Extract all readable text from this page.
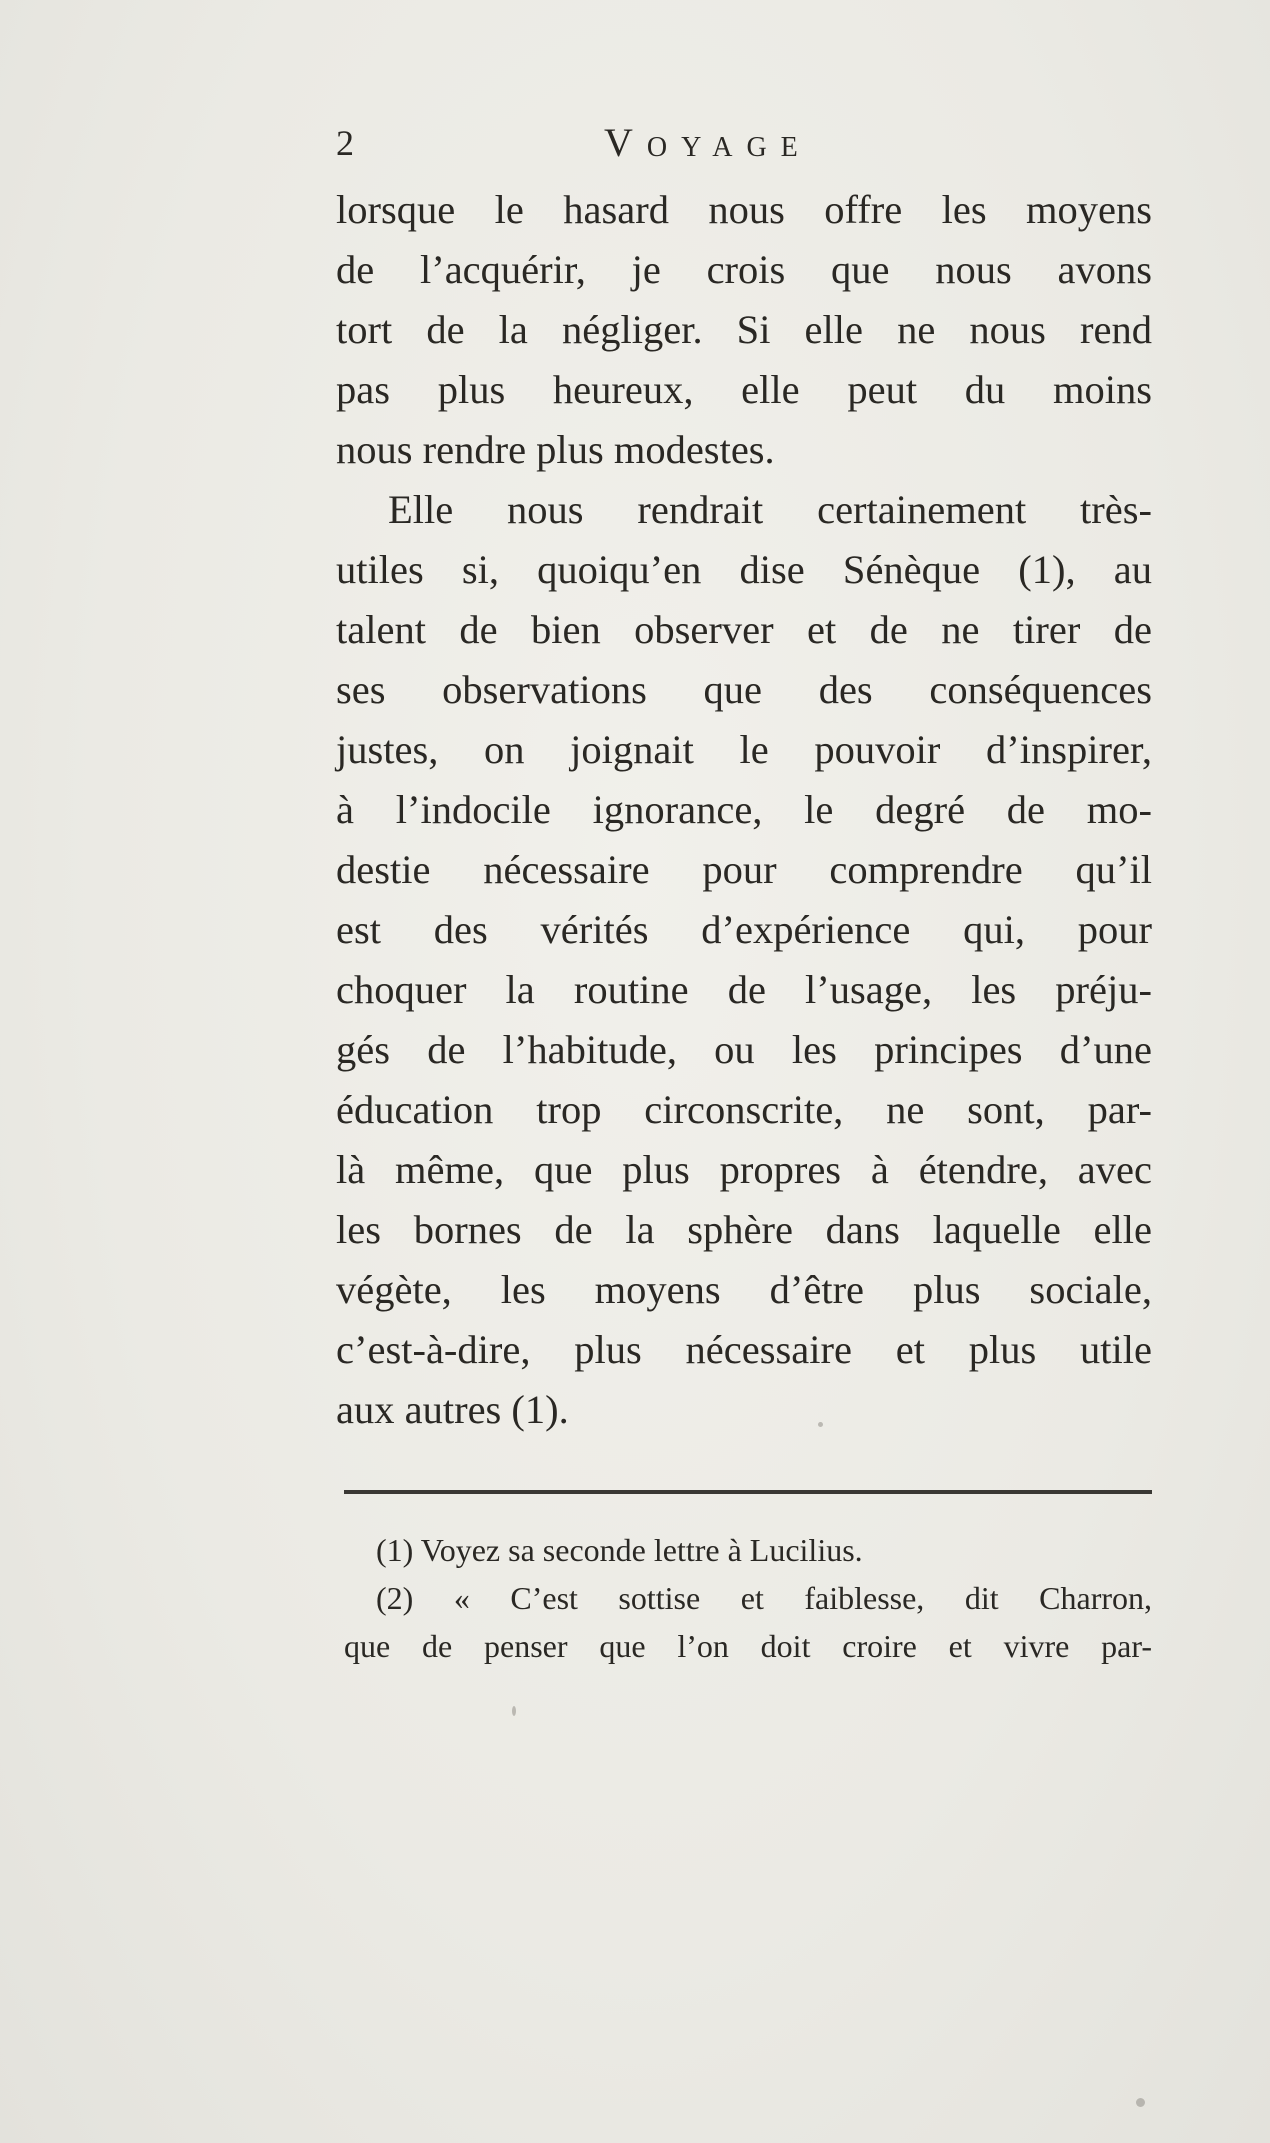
2	Voyage
lorsque le hasard nous offre les moyens
de l’acquérir, je crois que nous avons
tort de la négliger. Si elle ne nous rend
pas plus heureux, elle peut du moins
nous rendre plus modestes.
Elle nous rendrait certainement très-
utiles si, quoiqu’en dise Sénèque (1), au
talent de bien observer et de ne tirer de
ses observations que des conséquences
justes, on joignait le pouvoir d’inspirer,
à l’indocile ignorance, le degré de mo-
destie nécessaire pour comprendre qu’il
est des vérités d’expérience qui, pour
choquer la routine de l’usage, les préju-
gés de l’habitude, ou les principes d’une
éducation trop circonscrite, ne sont, par-
là même, que plus propres à étendre, avec
les bornes de la sphère dans laquelle elle
végète, les moyens d’être plus sociale,
c’est-à-dire, plus nécessaire et plus utile
aux autres (1).
(1) Voyez sa seconde lettre à Lucilius.
(2) « C’est sottise et faiblesse, dit Charron,
que de penser que l’on doit croire et vivre par-
